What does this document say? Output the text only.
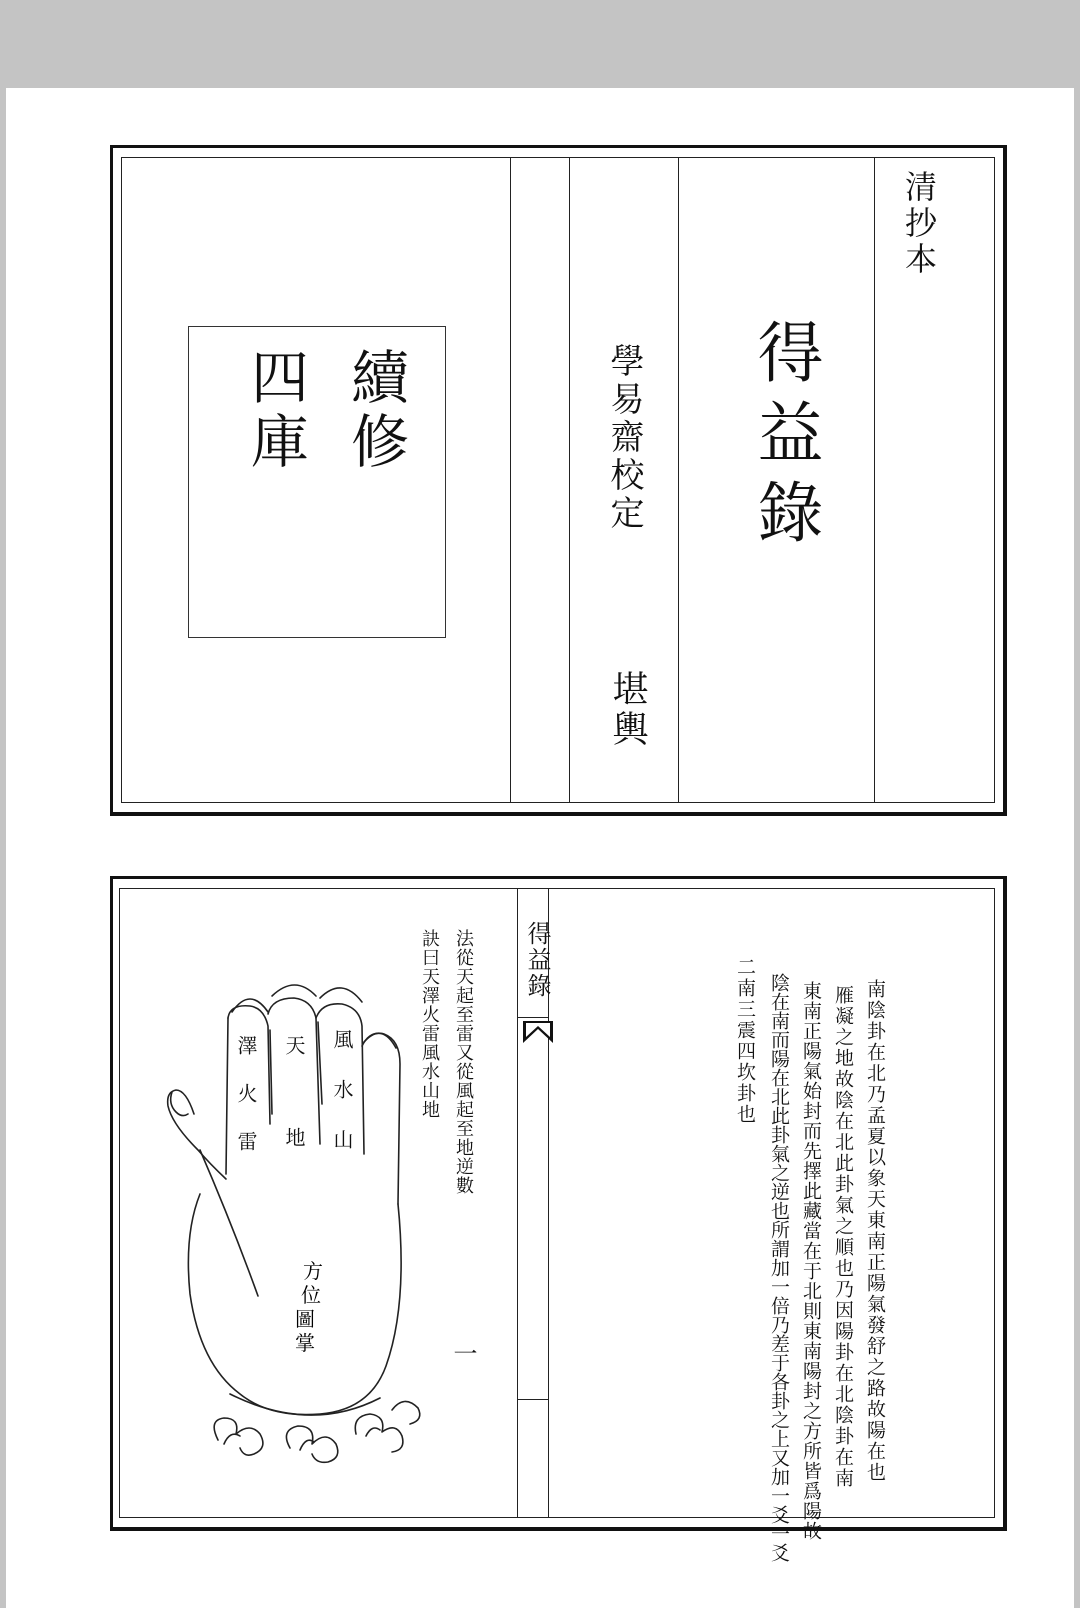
續修
四庫	學易齋校定
堪輿
得益錄
清抄本
得益錄
一
法從天起至雷又從風起至地逆數
訣曰天澤火雷風水山地
澤火雷
天地
風水山
方
位
圖
掌	南陰卦在北乃孟夏以象天東南正陽氣發舒之路故陽在也
雁凝之地故陰在北此卦氣之順也乃因陽卦在北陰卦在南
東南正陽氣始封而先擇此藏當在于北則東南陽封之方所皆爲陽故
陰在南而陽在北此卦氣之逆也所謂加一倍乃差于各卦之上又加一爻一爻
二南三震四坎卦也
